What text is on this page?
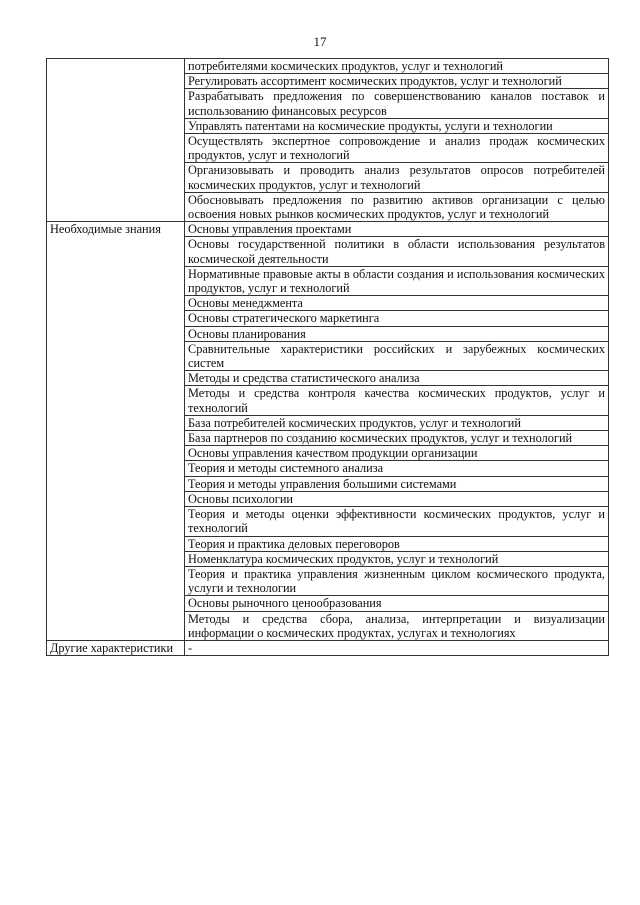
17
	потребителями космических продуктов, услуг и технологий
	Регулировать ассортимент космических продуктов, услуг и технологий
	Разрабатывать предложения по совершенствованию каналов поставок и использованию финансовых ресурсов
	Управлять патентами на космические продукты, услуги и технологии
	Осуществлять экспертное сопровождение и анализ продаж космических продуктов, услуг и технологий
	Организовывать и проводить анализ результатов опросов потребителей космических продуктов, услуг и технологий
	Обосновывать предложения по развитию активов организации с целью освоения новых рынков космических продуктов, услуг и технологий
Необходимые знания	Основы управления проектами
	Основы государственной политики в области использования результатов космической деятельности
	Нормативные правовые акты в области создания и использования космических продуктов, услуг и технологий
	Основы менеджмента
	Основы стратегического маркетинга
	Основы планирования
	Сравнительные характеристики российских и зарубежных космических систем
	Методы и средства статистического анализа
	Методы и средства контроля качества космических продуктов, услуг и технологий
	База потребителей космических продуктов, услуг и технологий
	База партнеров по созданию космических продуктов, услуг и технологий
	Основы управления качеством продукции организации
	Теория и методы системного анализа
	Теория и методы управления большими системами
	Основы психологии
	Теория и методы оценки эффективности космических продуктов, услуг и технологий
	Теория и практика деловых переговоров
	Номенклатура космических продуктов, услуг и технологий
	Теория и практика управления жизненным циклом космического продукта, услуги и технологии
	Основы рыночного ценообразования
	Методы и средства сбора, анализа, интерпретации и визуализации информации о космических продуктах, услугах и технологиях
Другие характеристики	-
